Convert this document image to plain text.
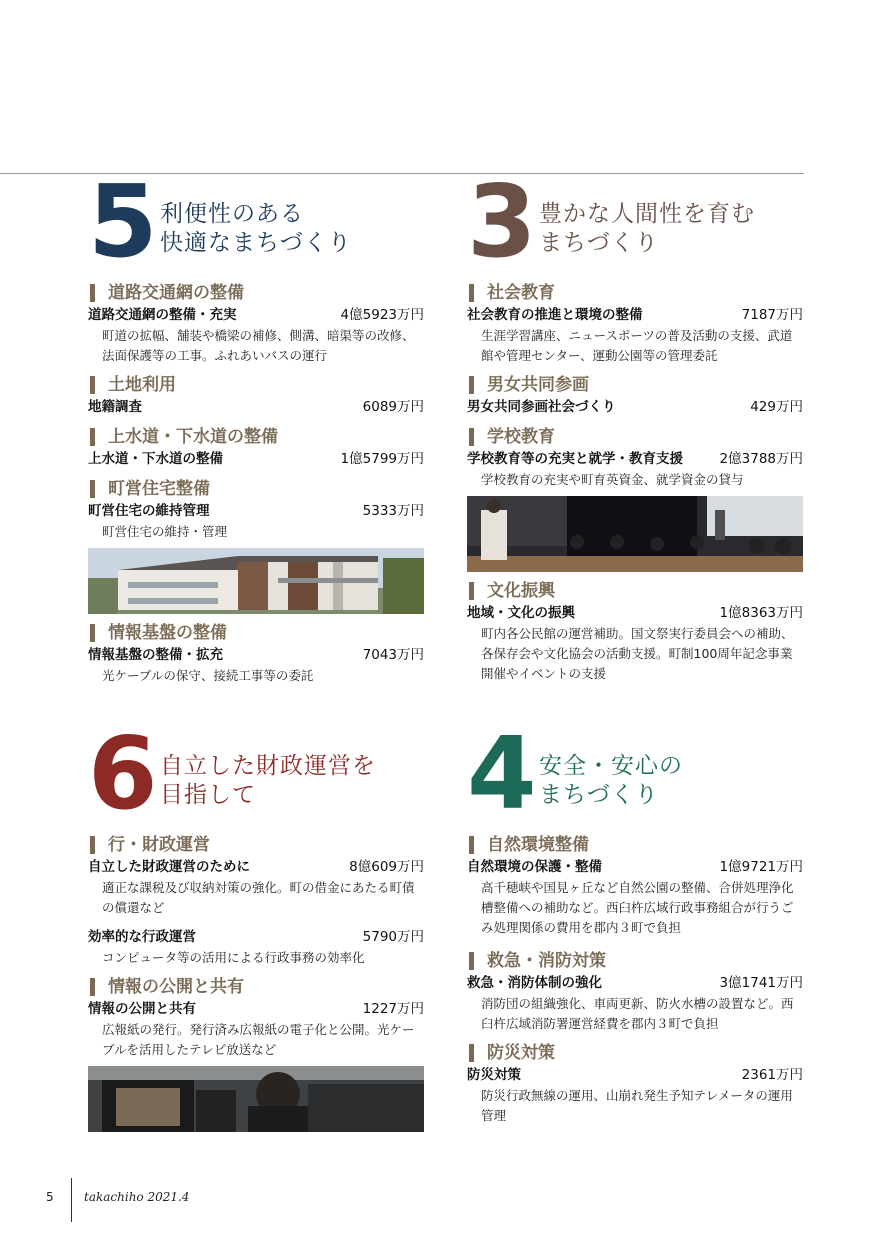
5 利便性のある
快適なまちづくり
道路交通網の整備
道路交通網の整備・充実	4億5923万円
町道の拡幅、舗装や橋梁の補修、側溝、暗渠等の改修、法面保護等の工事。ふれあいバスの運行
土地利用
地籍調査	6089万円
上水道・下水道の整備
上水道・下水道の整備	1億5799万円
町営住宅整備
町営住宅の維持管理	5333万円
町営住宅の維持・管理
情報基盤の整備
情報基盤の整備・拡充	7043万円
光ケーブルの保守、接続工事等の委託
3 豊かな人間性を育む
まちづくり
社会教育
社会教育の推進と環境の整備	7187万円
生涯学習講座、ニュースポーツの普及活動の支援、武道館や管理センター、運動公園等の管理委託
男女共同参画
男女共同参画社会づくり	429万円
学校教育
学校教育等の充実と就学・教育支援	2億3788万円
学校教育の充実や町育英資金、就学資金の貸与
文化振興
地域・文化の振興	1億8363万円
町内各公民館の運営補助。国文祭実行委員会への補助、各保存会や文化協会の活動支援。町制100周年記念事業開催やイベントの支援
6 自立した財政運営を
目指して
行・財政運営
自立した財政運営のために	8億609万円
適正な課税及び収納対策の強化。町の借金にあたる町債の償還など
効率的な行政運営	5790万円
コンピュータ等の活用による行政事務の効率化
情報の公開と共有
情報の公開と共有	1227万円
広報紙の発行。発行済み広報紙の電子化と公開。光ケーブルを活用したテレビ放送など
4 安全・安心の
まちづくり
自然環境整備
自然環境の保護・整備	1億9721万円
高千穂峡や国見ヶ丘など自然公園の整備、合併処理浄化槽整備への補助など。西臼杵広域行政事務組合が行うごみ処理関係の費用を郡内３町で負担
救急・消防対策
救急・消防体制の強化	3億1741万円
消防団の組織強化、車両更新、防火水槽の設置など。西臼杵広域消防署運営経費を郡内３町で負担
防災対策
防災対策	2361万円
防災行政無線の運用、山崩れ発生予知テレメータの運用管理
5	takachiho 2021.4
